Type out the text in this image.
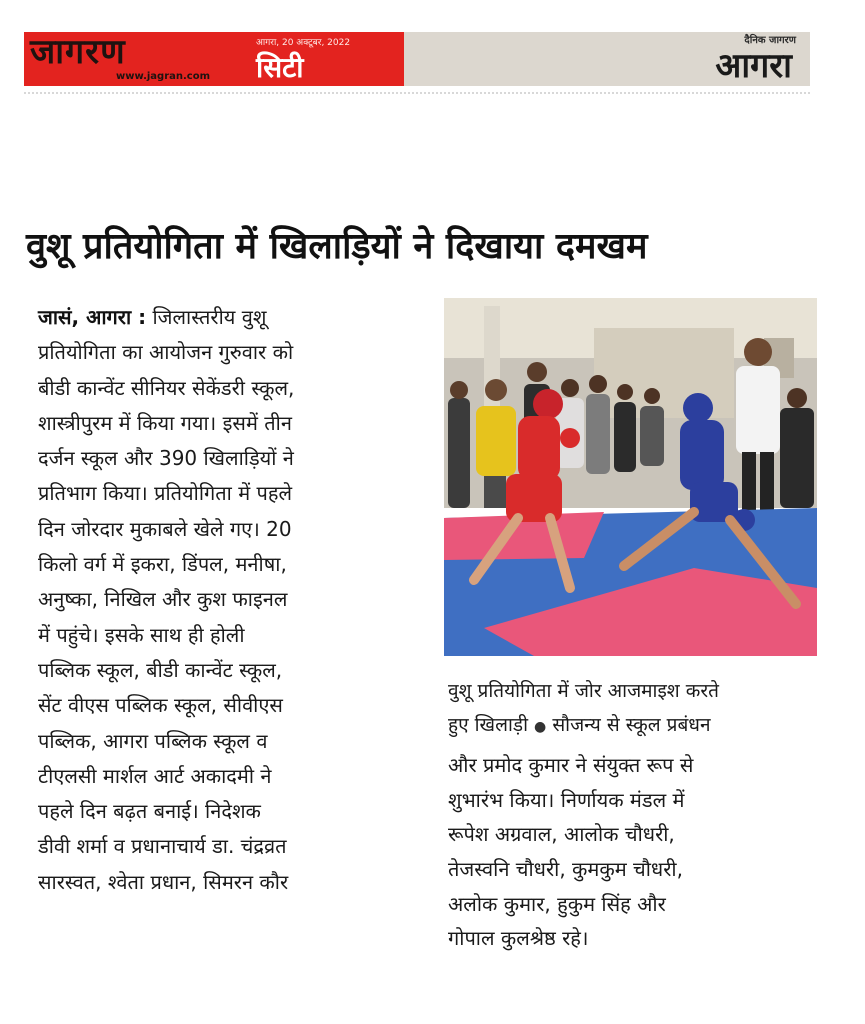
जागरण
www.jagran.com
आगरा, 20 अक्टूबर, 2022
सिटी
दैनिक जागरण
आगरा
वुशू प्रतियोगिता में खिलाड़ियों ने दिखाया दमखम
जासं, आगरा : जिलास्तरीय वुशू
प्रतियोगिता का आयोजन गुरुवार को
बीडी कान्वेंट सीनियर सेकेंडरी स्कूल,
शास्त्रीपुरम में किया गया। इसमें तीन
दर्जन स्कूल और 390 खिलाड़ियों ने
प्रतिभाग किया। प्रतियोगिता में पहले
दिन जोरदार मुकाबले खेले गए। 20
किलो वर्ग में इकरा, डिंपल, मनीषा,
अनुष्का, निखिल और कुश फाइनल
में पहुंचे। इसके साथ ही होली
पब्लिक स्कूल, बीडी कान्वेंट स्कूल,
सेंट वीएस पब्लिक स्कूल, सीवीएस
पब्लिक, आगरा पब्लिक स्कूल व
टीएलसी मार्शल आर्ट अकादमी ने
पहले दिन बढ़त बनाई। निदेशक
डीवी शर्मा व प्रधानाचार्य डा. चंद्रव्रत
सारस्वत, श्वेता प्रधान, सिमरन कौर
वुशू प्रतियोगिता में जोर आजमाइश करते
हुए खिलाड़ी ● सौजन्य से स्कूल प्रबंधन
और प्रमोद कुमार ने संयुक्त रूप से
शुभारंभ किया। निर्णायक मंडल में
रूपेश अग्रवाल, आलोक चौधरी,
तेजस्वनि चौधरी, कुमकुम चौधरी,
अलोक कुमार, हुकुम सिंह और
गोपाल कुलश्रेष्ठ रहे।
